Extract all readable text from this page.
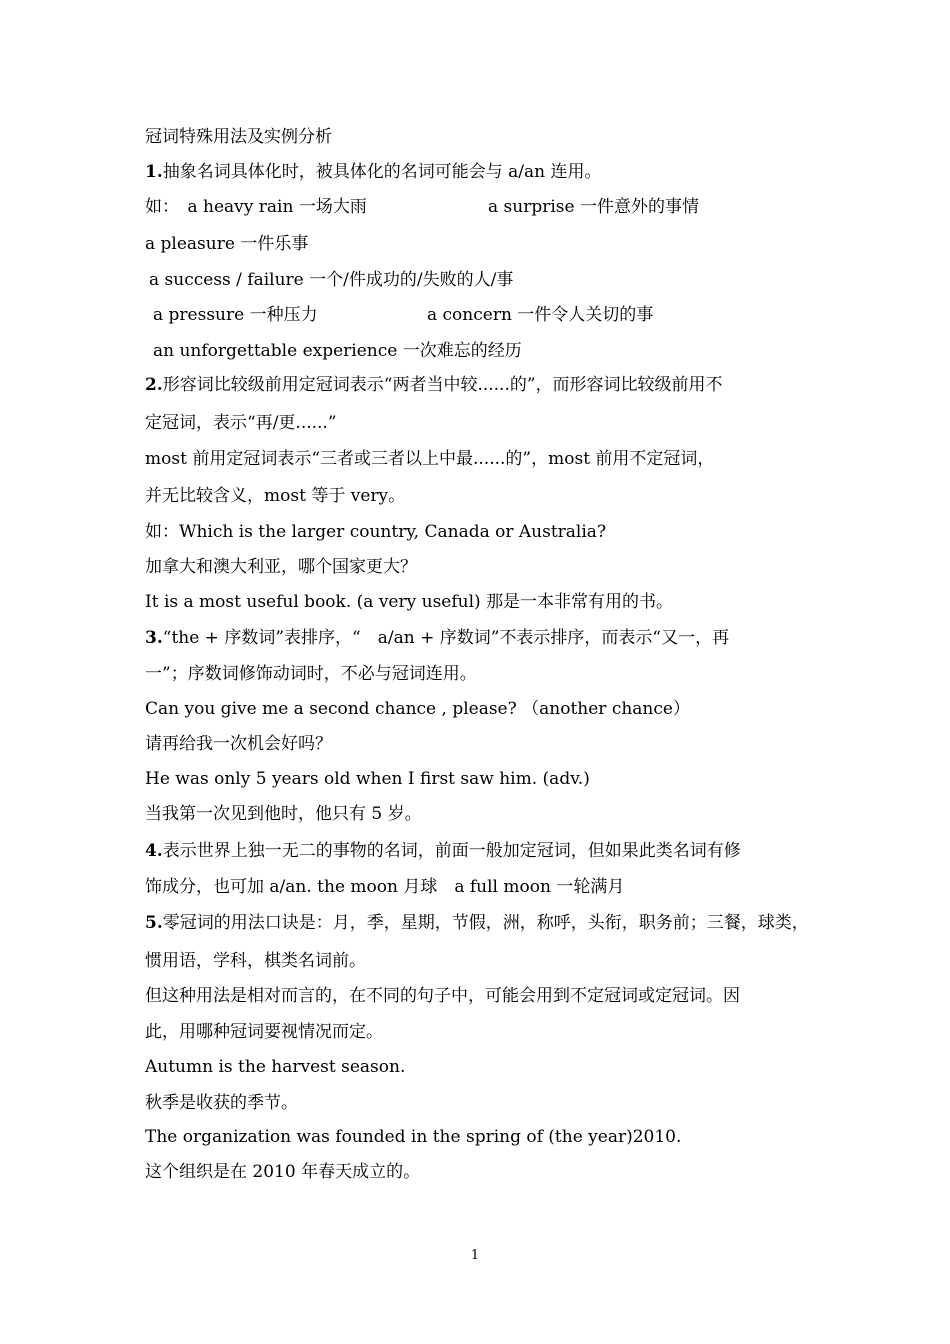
冠词特殊用法及实例分析
1.抽象名词具体化时，被具体化的名词可能会与 a/an 连用。
如：　a heavy rain 一场大雨	a surprise 一件意外的事情
a pleasure 一件乐事
a success / failure 一个/件成功的/失败的人/事
a pressure 一种压力	a concern 一件令人关切的事
an unforgettable experience 一次难忘的经历
2.形容词比较级前用定冠词表示“两者当中较......的”，而形容词比较级前用不
定冠词，表示“再/更......”
most 前用定冠词表示“三者或三者以上中最......的”，most 前用不定冠词，
并无比较含义，most 等于 very。
如：Which is the larger country, Canada or Australia?
加拿大和澳大利亚，哪个国家更大？
It is a most useful book. (a very useful) 那是一本非常有用的书。
3.“the + 序数词”表排序，“　a/an + 序数词”不表示排序，而表示“又一，再
一”；序数词修饰动词时，不必与冠词连用。
Can you give me a second chance , please? （another chance）
请再给我一次机会好吗？
He was only 5 years old when I first saw him. (adv.)
当我第一次见到他时，他只有 5 岁。
4.表示世界上独一无二的事物的名词，前面一般加定冠词，但如果此类名词有修
饰成分，也可加 a/an. the moon 月球　a full moon 一轮满月
5.零冠词的用法口诀是：月，季，星期，节假，洲，称呼，头衔，职务前；三餐，球类，
惯用语，学科，棋类名词前。
但这种用法是相对而言的，在不同的句子中，可能会用到不定冠词或定冠词。因
此，用哪种冠词要视情况而定。
Autumn is the harvest season.
秋季是收获的季节。
The organization was founded in the spring of (the year)2010.
这个组织是在 2010 年春天成立的。
1
